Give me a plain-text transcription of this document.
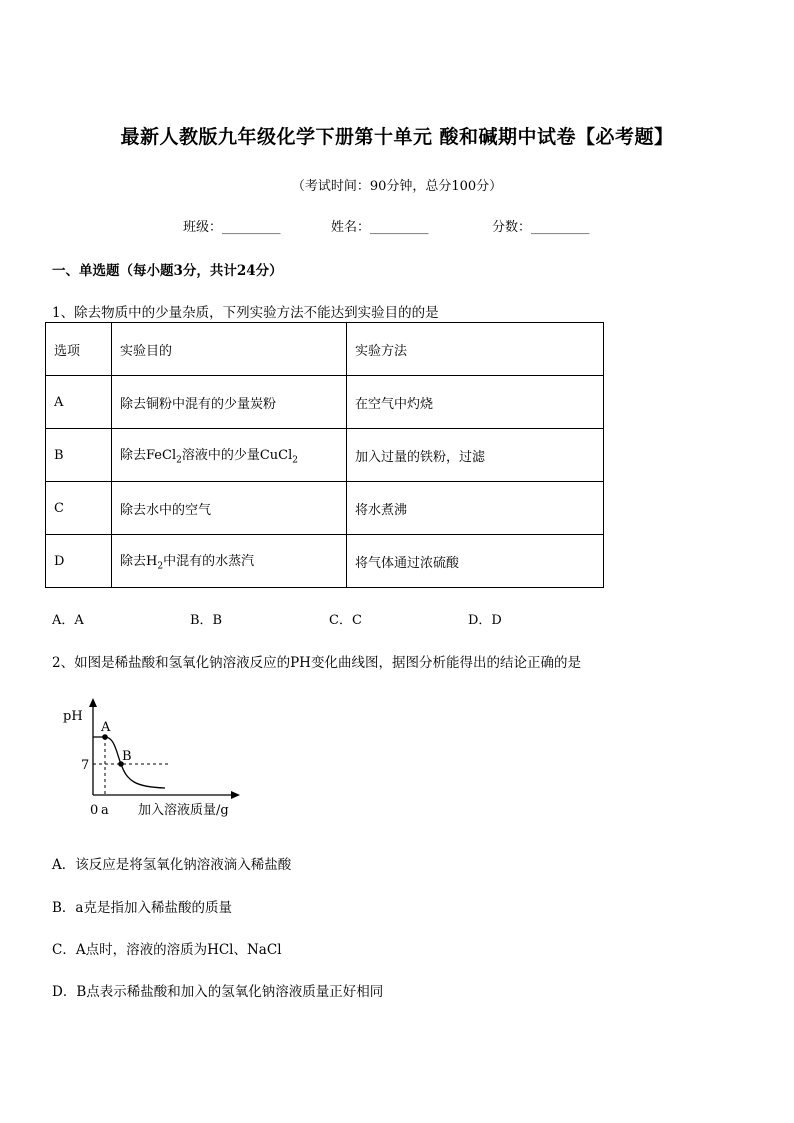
最新人教版九年级化学下册第十单元 酸和碱期中试卷【必考题】
（考试时间：90分钟，总分100分）
班级：_________	姓名：_________	分数：_________
一、单选题（每小题3分，共计24分）
1、除去物质中的少量杂质，下列实验方法不能达到实验目的的是
选项	实验目的	实验方法
A	除去铜粉中混有的少量炭粉	在空气中灼烧
B	除去FeCl$_2$溶液中的少量CuCl$_2$	加入过量的铁粉，过滤
C	除去水中的空气	将水煮沸
D	除去$H_2$中混有的水蒸汽	将气体通过浓硫酸
A．A	B．B	C．C	D．D
2、如图是稀盐酸和氢氧化钠溶液反应的PH变化曲线图，据图分析能得出的结论正确的是
pH
7
A
B
0 a 加入溶液质量/g
A．该反应是将氢氧化钠溶液滴入稀盐酸
B．a克是指加入稀盐酸的质量
C．A点时，溶液的溶质为HCl、NaCl
D．B点表示稀盐酸和加入的氢氧化钠溶液质量正好相同
